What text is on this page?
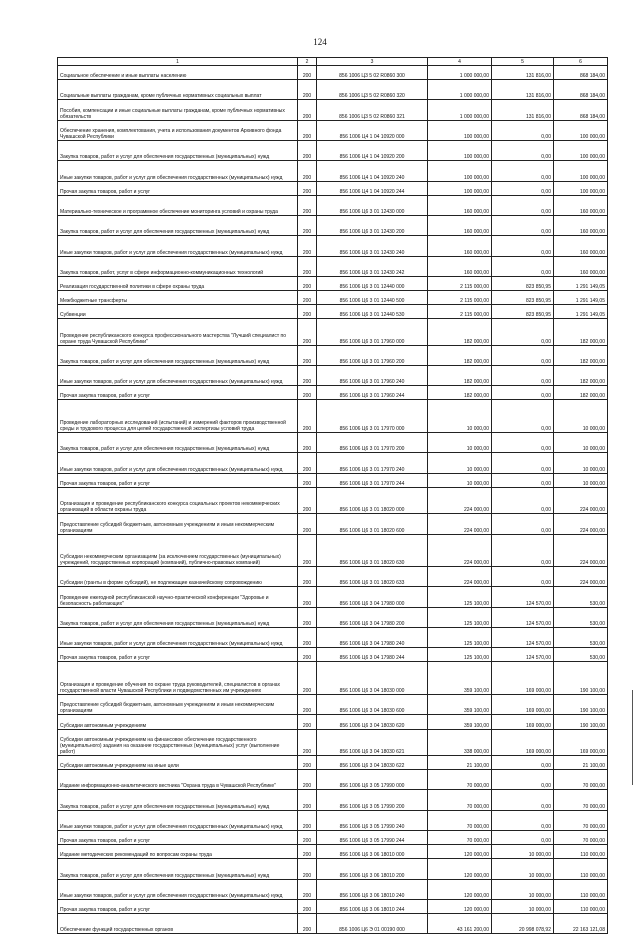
124
1	2	3	4	5	6
Социальное обеспечение и иные выплаты населению	200	856 1006 Ц3 5 02 R0860 300	1 000 000,00	131 816,00	868 184,00
Социальные выплаты гражданам, кроме публичных нормативных социальных выплат	200	856 1006 Ц3 5 02 R0860 320	1 000 000,00	131 816,00	868 184,00
Пособия, компенсации и иные социальные выплаты гражданам, кроме публичных нормативных обязательств	200	856 1006 Ц3 5 02 R0860 321	1 000 000,00	131 816,00	868 184,00
Обеспечение хранения, комплектования, учета и использования документов Архивного фонда Чувашской Республики	200	856 1006 Ц4 1 04 10920 000	100 000,00	0,00	100 000,00
Закупка товаров, работ и услуг для обеспечения государственных (муниципальных) нужд	200	856 1006 Ц4 1 04 10920 200	100 000,00	0,00	100 000,00
Иные закупки товаров, работ и услуг для обеспечения государственных (муниципальных) нужд	200	856 1006 Ц4 1 04 10920 240	100 000,00	0,00	100 000,00
Прочая закупка товаров, работ и услуг	200	856 1006 Ц4 1 04 10920 244	100 000,00	0,00	100 000,00
Материально-техническое и программное обеспечение мониторинга условий и охраны труда	200	856 1006 Ц6 3 01 12430 000	160 000,00	0,00	160 000,00
Закупка товаров, работ и услуг для обеспечения государственных (муниципальных) нужд	200	856 1006 Ц6 3 01 12430 200	160 000,00	0,00	160 000,00
Иные закупки товаров, работ и услуг для обеспечения государственных (муниципальных) нужд	200	856 1006 Ц6 3 01 12430 240	160 000,00	0,00	160 000,00
Закупка товаров, работ, услуг в сфере информационно-коммуникационных технологий	200	856 1006 Ц6 3 01 12430 242	160 000,00	0,00	160 000,00
Реализация государственной политики в сфере охраны труда	200	856 1006 Ц6 3 01 12440 000	2 115 000,00	823 850,95	1 291 149,05
Межбюджетные трансферты	200	856 1006 Ц6 3 01 12440 500	2 115 000,00	823 850,95	1 291 149,05
Субвенции	200	856 1006 Ц6 3 01 12440 530	2 115 000,00	823 850,95	1 291 149,05
Проведение республиканского конкурса профессионального мастерства "Лучший специалист по охране труда Чувашской Республики"	200	856 1006 Ц6 3 01 17960 000	182 000,00	0,00	182 000,00
Закупка товаров, работ и услуг для обеспечения государственных (муниципальных) нужд	200	856 1006 Ц6 3 01 17960 200	182 000,00	0,00	182 000,00
Иные закупки товаров, работ и услуг для обеспечения государственных (муниципальных) нужд	200	856 1006 Ц6 3 01 17960 240	182 000,00	0,00	182 000,00
Прочая закупка товаров, работ и услуг	200	856 1006 Ц6 3 01 17960 244	182 000,00	0,00	182 000,00
Проведение лабораторных исследований (испытаний) и измерений факторов производственной среды и трудового процесса для целей государственной экспертизы условий труда	200	856 1006 Ц6 3 01 17970 000	10 000,00	0,00	10 000,00
Закупка товаров, работ и услуг для обеспечения государственных (муниципальных) нужд	200	856 1006 Ц6 3 01 17970 200	10 000,00	0,00	10 000,00
Иные закупки товаров, работ и услуг для обеспечения государственных (муниципальных) нужд	200	856 1006 Ц6 3 01 17970 240	10 000,00	0,00	10 000,00
Прочая закупка товаров, работ и услуг	200	856 1006 Ц6 3 01 17970 244	10 000,00	0,00	10 000,00
Организация и проведение республиканского конкурса социальных проектов некоммерческих организаций в области охраны труда	200	856 1006 Ц6 3 01 18020 000	224 000,00	0,00	224 000,00
Предоставление субсидий бюджетным, автономным учреждениям и иным некоммерческим организациям	200	856 1006 Ц6 3 01 18020 600	224 000,00	0,00	224 000,00
Субсидии некоммерческим организациям (за исключением государственных (муниципальных) учреждений, государственных корпораций (компаний), публично-правовых компаний)	200	856 1006 Ц6 3 01 18020 630	224 000,00	0,00	224 000,00
Субсидии (гранты в форме субсидий), не подлежащие казначейскому сопровождению	200	856 1006 Ц6 3 01 18020 633	224 000,00	0,00	224 000,00
Проведение ежегодной республиканской научно-практической конференции "Здоровье и безопасность работающих"	200	856 1006 Ц6 3 04 17980 000	125 100,00	124 570,00	530,00
Закупка товаров, работ и услуг для обеспечения государственных (муниципальных) нужд	200	856 1006 Ц6 3 04 17980 200	125 100,00	124 570,00	530,00
Иные закупки товаров, работ и услуг для обеспечения государственных (муниципальных) нужд	200	856 1006 Ц6 3 04 17980 240	125 100,00	124 570,00	530,00
Прочая закупка товаров, работ и услуг	200	856 1006 Ц6 3 04 17980 244	125 100,00	124 570,00	530,00
Организация и проведение обучения по охране труда руководителей, специалистов в органах государственной власти Чувашской Республики и подведомственных им учреждениях	200	856 1006 Ц6 3 04 18030 000	359 100,00	169 000,00	190 100,00
Предоставление субсидий бюджетным, автономным учреждениям и иным некоммерческим организациям	200	856 1006 Ц6 3 04 18030 600	359 100,00	169 000,00	190 100,00
Субсидии автономным учреждениям	200	856 1006 Ц6 3 04 18030 620	359 100,00	169 000,00	190 100,00
Субсидии автономным учреждениям на финансовое обеспечение государственного (муниципального) задания на оказание государственных (муниципальных) услуг (выполнение работ)	200	856 1006 Ц6 3 04 18030 621	338 000,00	169 000,00	169 000,00
Субсидии автономным учреждениям на иные цели	200	856 1006 Ц6 3 04 18030 622	21 100,00	0,00	21 100,00
Издание информационно-аналитического вестника "Охрана труда в Чувашской Республике"	200	856 1006 Ц6 3 05 17990 000	70 000,00	0,00	70 000,00
Закупка товаров, работ и услуг для обеспечения государственных (муниципальных) нужд	200	856 1006 Ц6 3 05 17990 200	70 000,00	0,00	70 000,00
Иные закупки товаров, работ и услуг для обеспечения государственных (муниципальных) нужд	200	856 1006 Ц6 3 05 17990 240	70 000,00	0,00	70 000,00
Прочая закупка товаров, работ и услуг	200	856 1006 Ц6 3 05 17990 244	70 000,00	0,00	70 000,00
Издание методических рекомендаций по вопросам охраны труда	200	856 1006 Ц6 3 06 18010 000	120 000,00	10 000,00	110 000,00
Закупка товаров, работ и услуг для обеспечения государственных (муниципальных) нужд	200	856 1006 Ц6 3 06 18010 200	120 000,00	10 000,00	110 000,00
Иные закупки товаров, работ и услуг для обеспечения государственных (муниципальных) нужд	200	856 1006 Ц6 3 06 18010 240	120 000,00	10 000,00	110 000,00
Прочая закупка товаров, работ и услуг	200	856 1006 Ц6 3 06 18010 244	120 000,00	10 000,00	110 000,00
Обеспечение функций государственных органов	200	856 1006 Ц6 Э 01 00190 000	43 161 200,00	20 998 078,92	22 163 121,08
